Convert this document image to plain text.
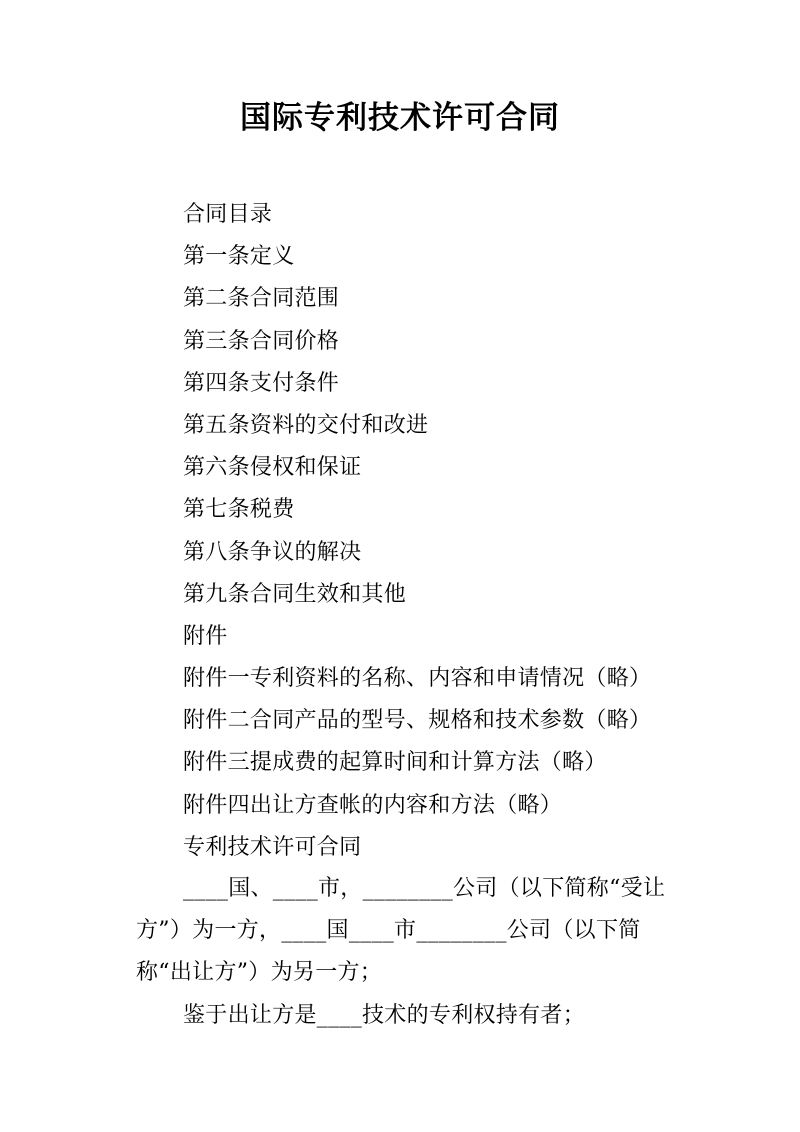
国际专利技术许可合同
合同目录
第一条定义
第二条合同范围
第三条合同价格
第四条支付条件
第五条资料的交付和改进
第六条侵权和保证
第七条税费
第八条争议的解决
第九条合同生效和其他
附件
附件一专利资料的名称、内容和申请情况（略）
附件二合同产品的型号、规格和技术参数（略）
附件三提成费的起算时间和计算方法（略）
附件四出让方查帐的内容和方法（略）
专利技术许可合同

____国、____市，________公司（以下简称“受让方”）为一方，____国____市________公司（以下简称“出让方”）为另一方；

鉴于出让方是____技术的专利权持有者；
